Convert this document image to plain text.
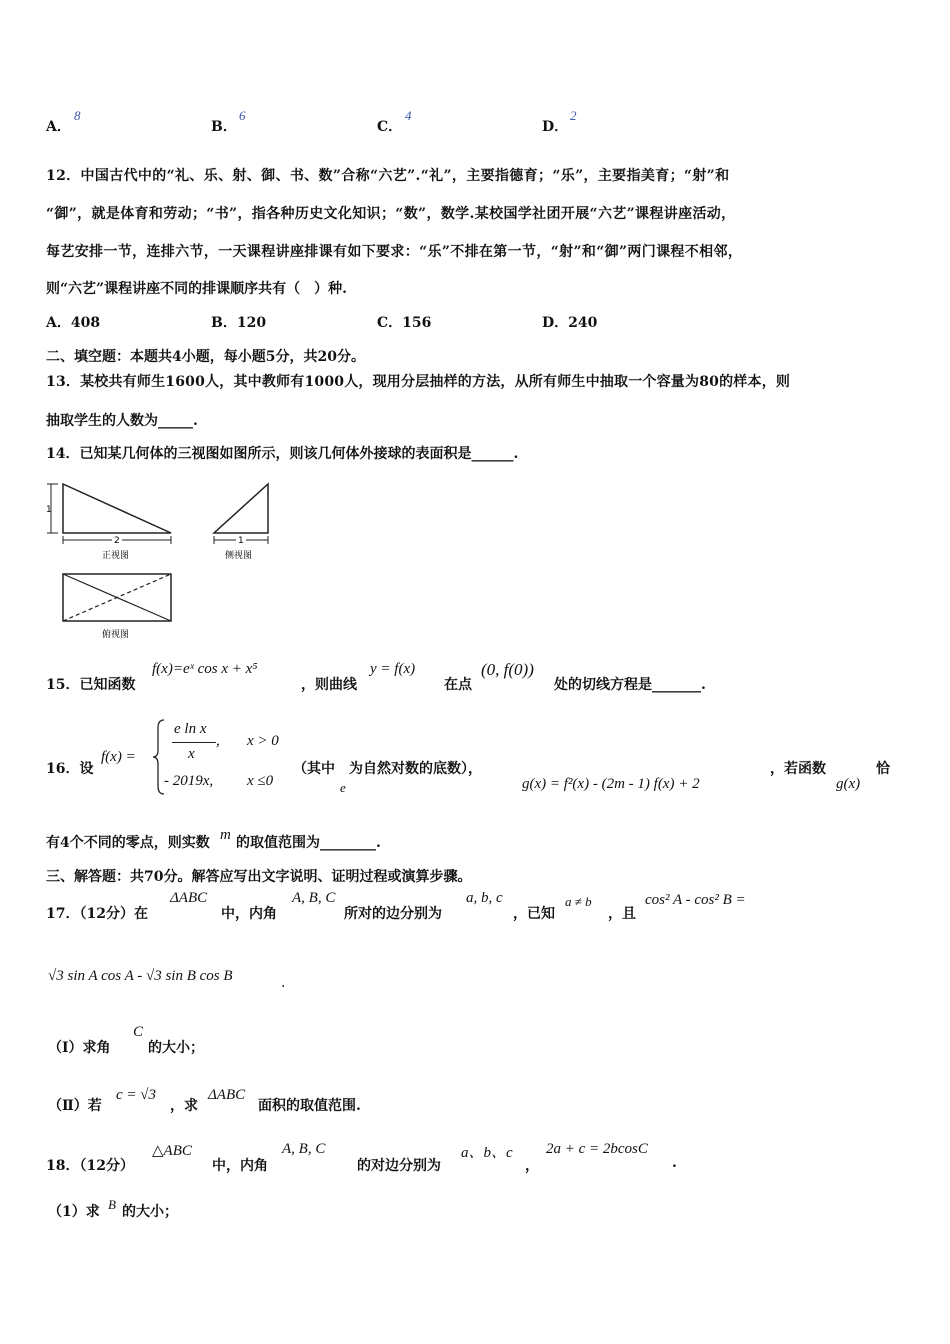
A．
8
B．
6
C．
4
D．
2
12．中国古代中的“礼、乐、射、御、书、数”合称“六艺”.“礼”，主要指德育；“乐”，主要指美育；“射”和
“御”，就是体育和劳动；“书”，指各种历史文化知识；“数”，数学.某校国学社团开展“六艺”课程讲座活动，
每艺安排一节，连排六节，一天课程讲座排课有如下要求：“乐”不排在第一节，“射”和“御”两门课程不相邻，
则“六艺”课程讲座不同的排课顺序共有（　）种.
A．408	B．120	C．156	D．240
二、填空题：本题共4小题，每小题5分，共20分。
13．某校共有师生1600人，其中教师有1000人，现用分层抽样的方法，从所有师生中抽取一个容量为80的样本，则
抽取学生的人数为_____.
14．已知某几何体的三视图如图所示，则该几何体外接球的表面积是______.
1
2
正视图
1
侧视图
俯视图
15．已知函数
f(x)=eˣ cos x + x⁵
，则曲线
y = f(x)
在点
(0, f(0))
处的切线方程是_______.
16．设
f(x) =
e ln x
x
, x > 0
- 2019x, x ≤0
（其中　为自然对数的底数），
e	g(x) = f²(x) - (2m - 1) f(x) + 2
，若函数	恰
g(x)
有4个不同的零点，则实数 m 的取值范围为________.
三、解答题：共70分。解答应写出文字说明、证明过程或演算步骤。
17．（12分）在
ΔABC
中，内角
A, B, C
所对的边分别为
a, b, c
，已知
a ≠ b
，且
cos² A - cos² B =
√3 sin A cos A - √3 sin B cos B	.
（Ⅰ）求角
C
的大小；
（Ⅱ）若
c = √3
，求
ΔABC
面积的取值范围.
18．（12分）
△ABC
中，内角
A, B, C
的对边分别为
a、b、c
，
2a + c = 2bcosC
.
（1）求 B 的大小；
